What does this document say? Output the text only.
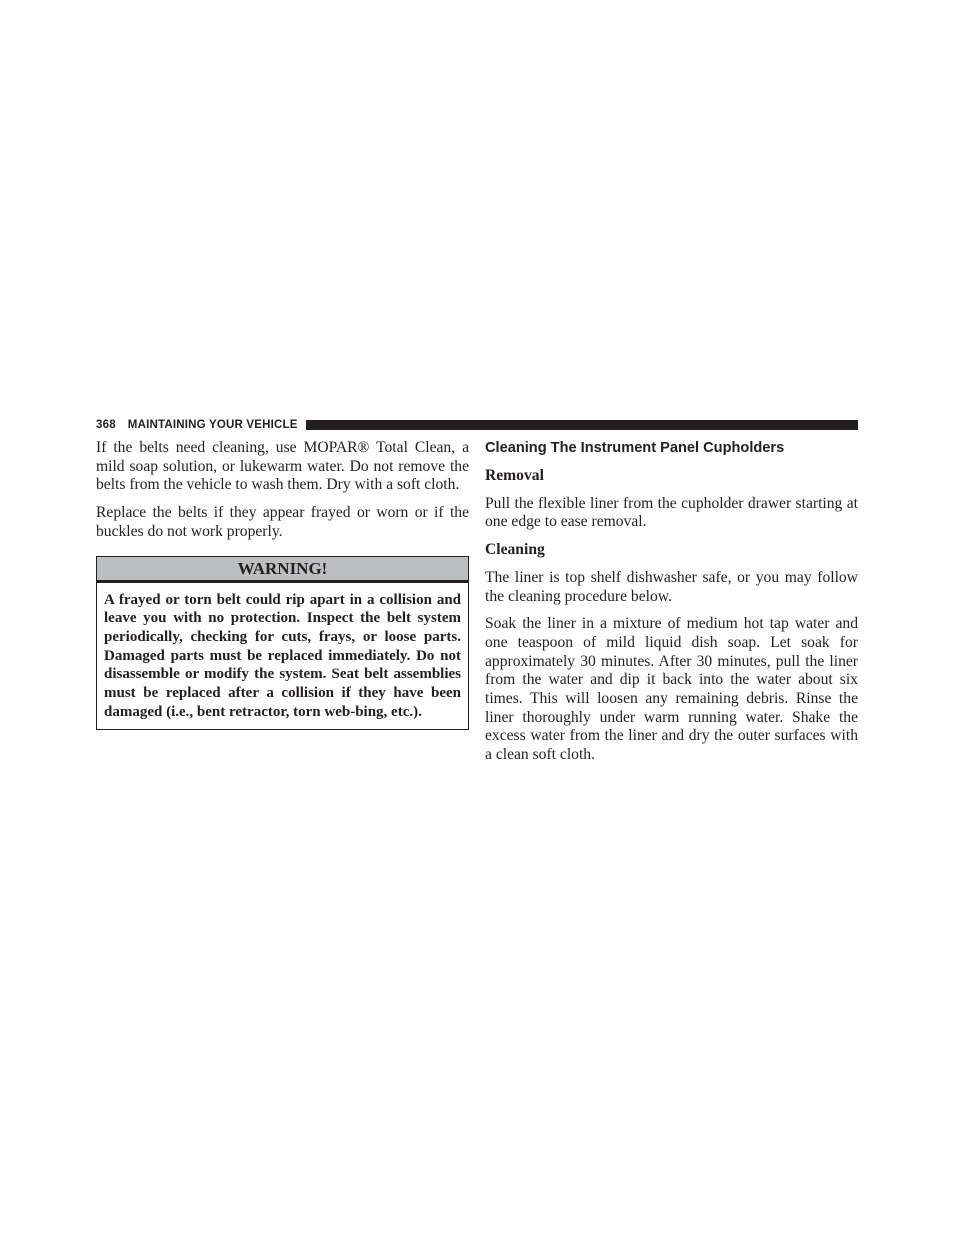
368 MAINTAINING YOUR VEHICLE

If the belts need cleaning, use MOPAR® Total Clean, a mild soap solution, or lukewarm water. Do not remove the belts from the vehicle to wash them. Dry with a soft cloth.

Replace the belts if they appear frayed or worn or if the buckles do not work properly.

WARNING!
A frayed or torn belt could rip apart in a collision and leave you with no protection. Inspect the belt system periodically, checking for cuts, frays, or loose parts. Damaged parts must be replaced immediately. Do not disassemble or modify the system. Seat belt assemblies must be replaced after a collision if they have been damaged (i.e., bent retractor, torn web-bing, etc.).
Cleaning The Instrument Panel Cupholders
Removal

Pull the flexible liner from the cupholder drawer starting at one edge to ease removal.

Cleaning

The liner is top shelf dishwasher safe, or you may follow the cleaning procedure below.

Soak the liner in a mixture of medium hot tap water and one teaspoon of mild liquid dish soap. Let soak for approximately 30 minutes. After 30 minutes, pull the liner from the water and dip it back into the water about six times. This will loosen any remaining debris. Rinse the liner thoroughly under warm running water. Shake the excess water from the liner and dry the outer surfaces with a clean soft cloth.
